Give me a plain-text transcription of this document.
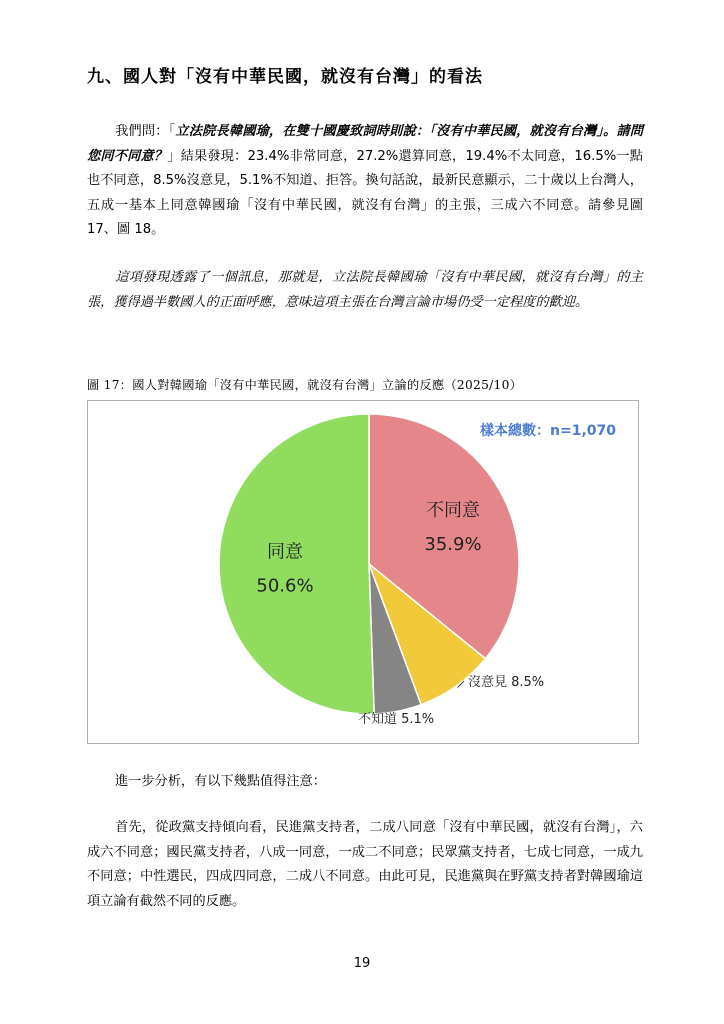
九、國人對「沒有中華民國，就沒有台灣」的看法

我們問：「立法院長韓國瑜，在雙十國慶致詞時則說：「沒有中華民國，就沒有台灣」。請問您同不同意？」結果發現：23.4%非常同意，27.2%還算同意，19.4%不太同意，16.5%一點也不同意，8.5%沒意見，5.1%不知道、拒答。換句話說，最新民意顯示，二十歲以上台灣人，五成一基本上同意韓國瑜「沒有中華民國，就沒有台灣」的主張，三成六不同意。請參見圖 17、圖 18。

這項發現透露了一個訊息，那就是，立法院長韓國瑜「沒有中華民國，就沒有台灣」的主張，獲得過半數國人的正面呼應，意味這項主張在台灣言論市場仍受一定程度的歡迎。

圖 17：國人對韓國瑜「沒有中華民國，就沒有台灣」立論的反應（2025/10）
不同意
35.9%
沒意見 8.5%
不知道 5.1%
同意
50.6%
樣本總數：n=1,070

進一步分析，有以下幾點值得注意：

首先，從政黨支持傾向看，民進黨支持者，二成八同意「沒有中華民國，就沒有台灣」，六成六不同意；國民黨支持者，八成一同意，一成二不同意；民眾黨支持者，七成七同意，一成九不同意；中性選民，四成四同意，二成八不同意。由此可見，民進黨與在野黨支持者對韓國瑜這項立論有截然不同的反應。

19
